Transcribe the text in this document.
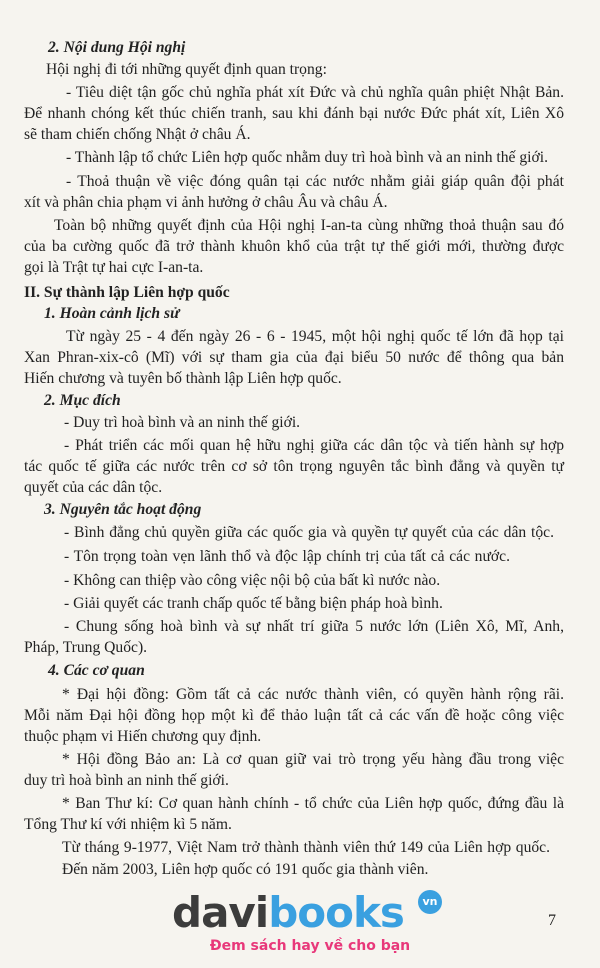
2. Nội dung Hội nghị
Hội nghị đi tới những quyết định quan trọng:
- Tiêu diệt tận gốc chủ nghĩa phát xít Đức và chủ nghĩa quân phiệt Nhật Bản.
Để nhanh chóng kết thúc chiến tranh, sau khi đánh bại nước Đức phát xít, Liên Xô
sẽ tham chiến chống Nhật ở châu Á.
- Thành lập tổ chức Liên hợp quốc nhằm duy trì hoà bình và an ninh thế giới.
- Thoả thuận về việc đóng quân tại các nước nhằm giải giáp quân đội phát
xít và phân chia phạm vi ảnh hưởng ở châu Âu và châu Á.
Toàn bộ những quyết định của Hội nghị I-an-ta cùng những thoả thuận sau đó
của ba cường quốc đã trở thành khuôn khổ của trật tự thế giới mới, thường được
gọi là Trật tự hai cực I-an-ta.
II. Sự thành lập Liên hợp quốc
1. Hoàn cảnh lịch sử
Từ ngày 25 - 4 đến ngày 26 - 6 - 1945, một hội nghị quốc tế lớn đã họp tại
Xan Phran-xix-cô (Mĩ) với sự tham gia của đại biểu 50 nước để thông qua bản
Hiến chương và tuyên bố thành lập Liên hợp quốc.
2. Mục đích
- Duy trì hoà bình và an ninh thế giới.
- Phát triển các mối quan hệ hữu nghị giữa các dân tộc và tiến hành sự hợp
tác quốc tế giữa các nước trên cơ sở tôn trọng nguyên tắc bình đẳng và quyền tự
quyết của các dân tộc.
3. Nguyên tắc hoạt động
- Bình đẳng chủ quyền giữa các quốc gia và quyền tự quyết của các dân tộc.
- Tôn trọng toàn vẹn lãnh thổ và độc lập chính trị của tất cả các nước.
- Không can thiệp vào công việc nội bộ của bất kì nước nào.
- Giải quyết các tranh chấp quốc tế bằng biện pháp hoà bình.
- Chung sống hoà bình và sự nhất trí giữa 5 nước lớn (Liên Xô, Mĩ, Anh,
Pháp, Trung Quốc).
4. Các cơ quan
* Đại hội đồng: Gồm tất cả các nước thành viên, có quyền hành rộng rãi.
Mỗi năm Đại hội đồng họp một kì để thảo luận tất cả các vấn đề hoặc công việc
thuộc phạm vi Hiến chương quy định.
* Hội đồng Bảo an: Là cơ quan giữ vai trò trọng yếu hàng đầu trong việc
duy trì hoà bình an ninh thế giới.
* Ban Thư kí: Cơ quan hành chính - tổ chức của Liên hợp quốc, đứng đầu là
Tổng Thư kí với nhiệm kì 5 năm.
Từ tháng 9-1977, Việt Nam trở thành thành viên thứ 149 của Liên hợp quốc.
Đến năm 2003, Liên hợp quốc có 191 quốc gia thành viên.
7
davibooks	vn
Đem sách hay về cho bạn
